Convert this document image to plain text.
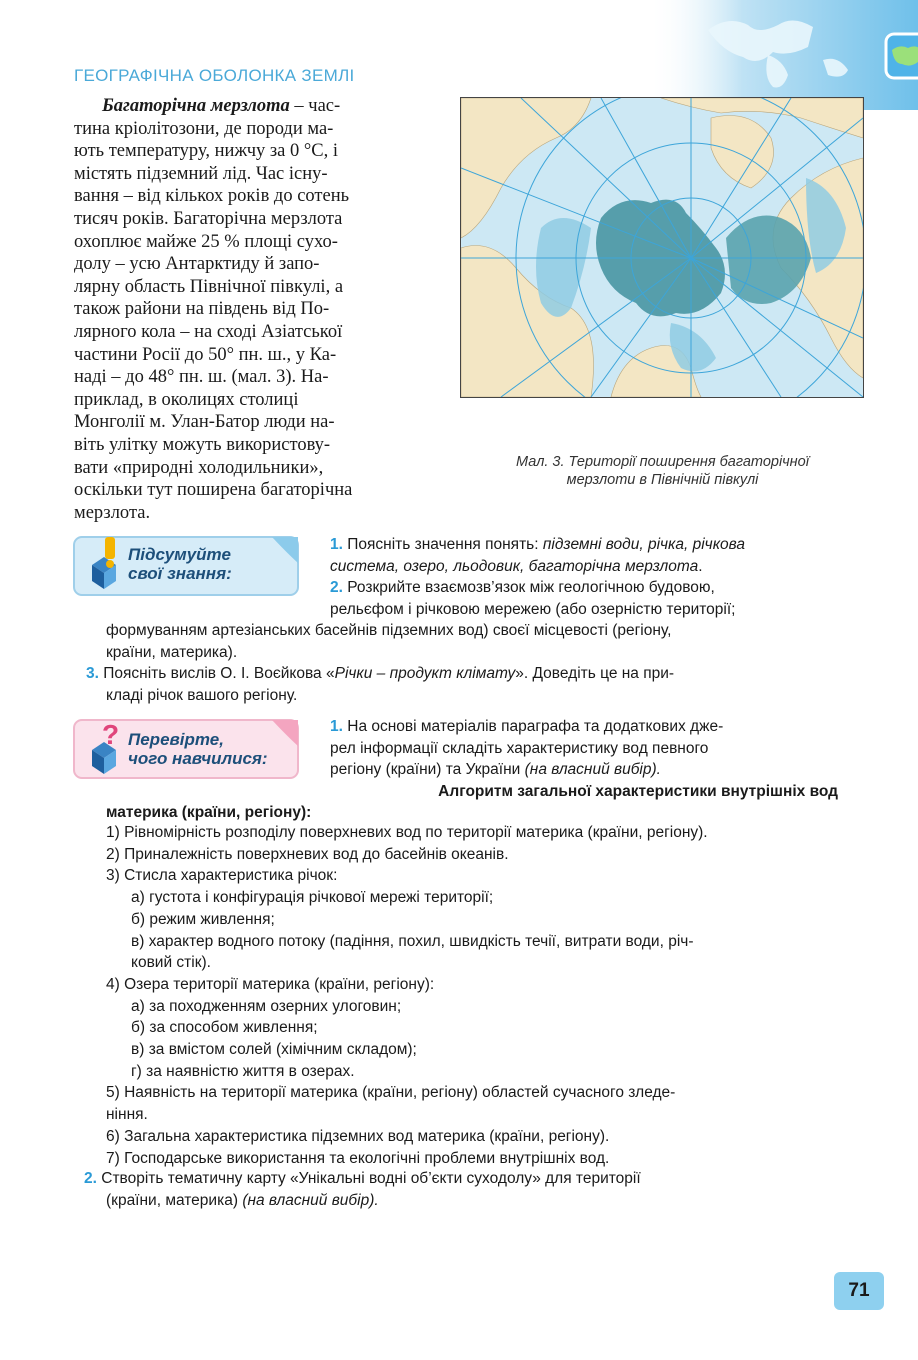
ГЕОГРАФІЧНА ОБОЛОНКА ЗЕМЛІ
Багаторічна мерзлота – час-
тина кріолітозони, де породи ма-
ють температуру, нижчу за 0 °С, і
містять підземний лід. Час існу-
вання – від кількох років до сотень
тисяч років. Багаторічна мерзлота
охоплює майже 25 % площі сухо-
долу – усю Антарктиду й запо-
лярну область Північної півкулі, а
також райони на південь від По-
лярного кола – на сході Азіатської
частини Росії до 50° пн. ш., у Ка-
наді – до 48° пн. ш. (мал. 3). На-
приклад, в околицях столиці
Монголії м. Улан-Батор люди на-
віть улітку можуть використову-
вати «природні холодильники»,
оскільки тут поширена багаторічна
мерзлота.
Мал. 3. Території поширення багаторічної
мерзлоти в Північній півкулі
Підсумуйте
свої знання:
1. Поясніть значення понять: підземні води, річка, річкова
система, озеро, льодовик, багаторічна мерзлота.
2. Розкрийте взаємозв’язок між геологічною будовою,
рельєфом і річковою мережею (або озерністю території;
формуванням артезіанських басейнів підземних вод) своєї місцевості (регіону,
країни, материка).
3. Поясніть вислів О. І. Воєйкова «Річки – продукт клімату». Доведіть це на при-
кладі річок вашого регіону.
? Перевірте,
чого навчилися:
1. На основі матеріалів параграфа та додаткових дже-
рел інформації складіть характеристику вод певного
регіону (країни) та України (на власний вибір).
Алгоритм загальної характеристики внутрішніх вод
материка (країни, регіону):
1) Рівномірність розподілу поверхневих вод по території материка (країни, регіону).
2) Приналежність поверхневих вод до басейнів океанів.
3) Стисла характеристика річок:
а) густота і конфігурація річкової мережі території;
б) режим живлення;
в) характер водного потоку (падіння, похил, швидкість течії, витрати води, річ-
ковий стік).
4) Озера території материка (країни, регіону):
а) за походженням озерних улоговин;
б) за способом живлення;
в) за вмістом солей (хімічним складом);
г) за наявністю життя в озерах.
5) Наявність на території материка (країни, регіону) областей сучасного зледе-
ніння.
6) Загальна характеристика підземних вод материка (країни, регіону).
7) Господарське використання та екологічні проблеми внутрішніх вод.
2. Створіть тематичну карту «Унікальні водні об’єкти суходолу» для території
(країни, материка) (на власний вибір).
71
